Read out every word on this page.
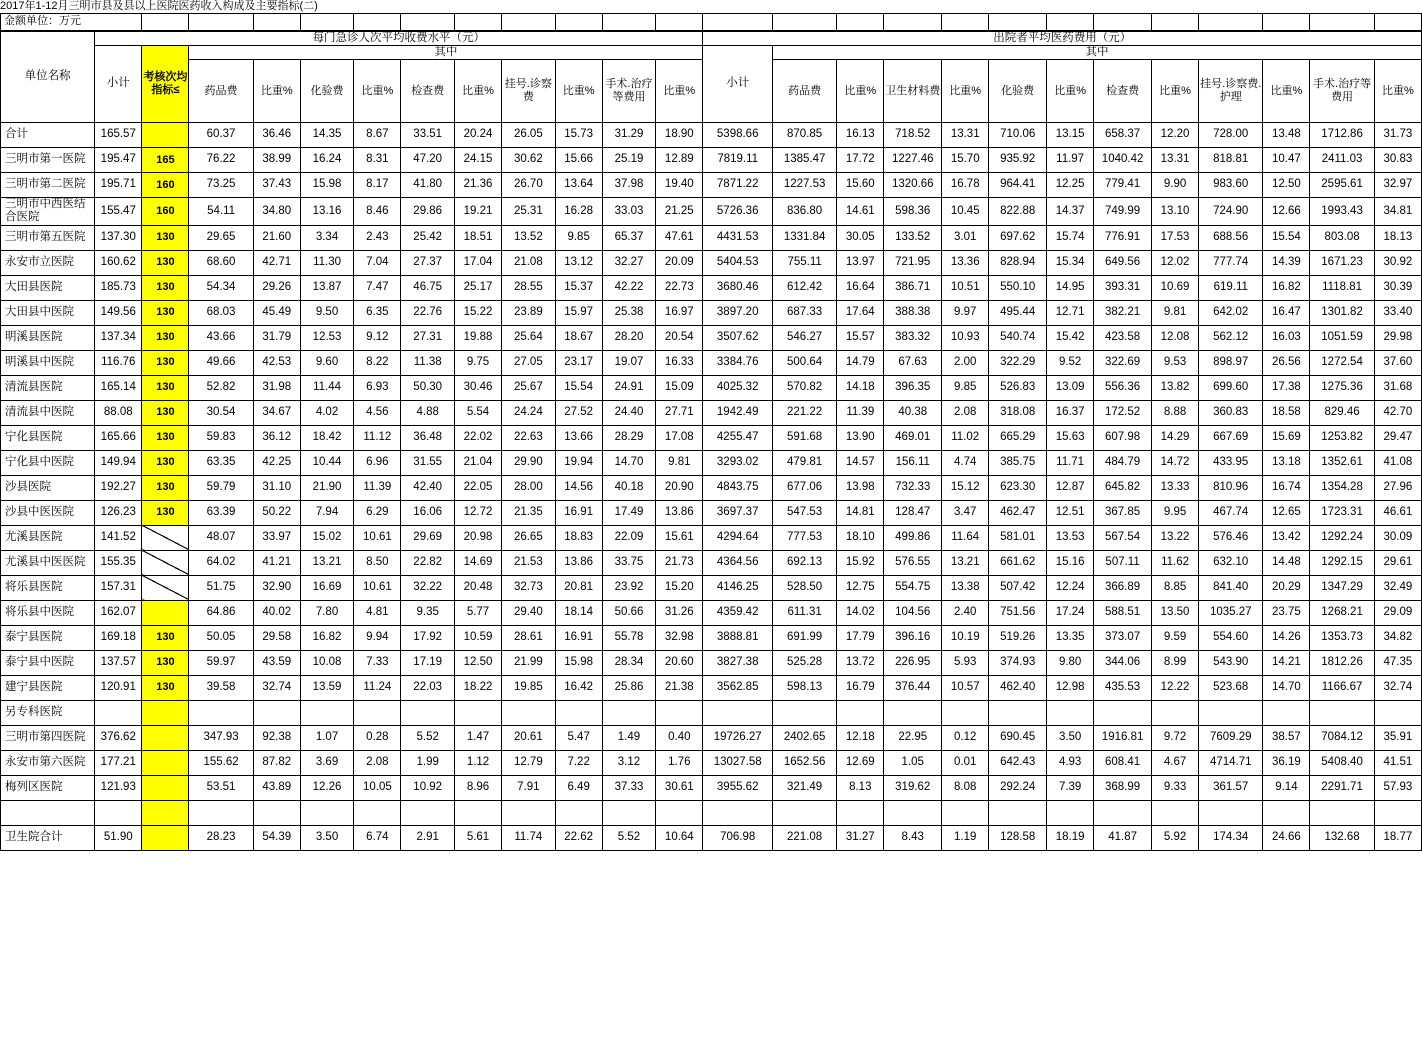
2017年1-12月三明市县及县以上医院医药收入构成及主要指标(二)
金额单位：万元																								
单位名称	每门急诊人次平均收费水平（元）												出院者平均医药费用（元）												
	小计	考核次均指标≤	其中										小计	其中											
			药品费	比重%	化验费	比重%	检查费	比重%	挂号.诊察费	比重%	手术.治疗等费用	比重%		药品费	比重%	卫生材料费	比重%	化验费	比重%	检查费	比重%	挂号.诊察费.护理	比重%	手术.治疗等费用	比重%
合计	165.57		60.37	36.46	14.35	8.67	33.51	20.24	26.05	15.73	31.29	18.90	5398.66	870.85	16.13	718.52	13.31	710.06	13.15	658.37	12.20	728.00	13.48	1712.86	31.73
三明市第一医院	195.47	165	76.22	38.99	16.24	8.31	47.20	24.15	30.62	15.66	25.19	12.89	7819.11	1385.47	17.72	1227.46	15.70	935.92	11.97	1040.42	13.31	818.81	10.47	2411.03	30.83
三明市第二医院	195.71	160	73.25	37.43	15.98	8.17	41.80	21.36	26.70	13.64	37.98	19.40	7871.22	1227.53	15.60	1320.66	16.78	964.41	12.25	779.41	9.90	983.60	12.50	2595.61	32.97
三明市中西医结合医院	155.47	160	54.11	34.80	13.16	8.46	29.86	19.21	25.31	16.28	33.03	21.25	5726.36	836.80	14.61	598.36	10.45	822.88	14.37	749.99	13.10	724.90	12.66	1993.43	34.81
三明市第五医院	137.30	130	29.65	21.60	3.34	2.43	25.42	18.51	13.52	9.85	65.37	47.61	4431.53	1331.84	30.05	133.52	3.01	697.62	15.74	776.91	17.53	688.56	15.54	803.08	18.13
永安市立医院	160.62	130	68.60	42.71	11.30	7.04	27.37	17.04	21.08	13.12	32.27	20.09	5404.53	755.11	13.97	721.95	13.36	828.94	15.34	649.56	12.02	777.74	14.39	1671.23	30.92
大田县医院	185.73	130	54.34	29.26	13.87	7.47	46.75	25.17	28.55	15.37	42.22	22.73	3680.46	612.42	16.64	386.71	10.51	550.10	14.95	393.31	10.69	619.11	16.82	1118.81	30.39
大田县中医院	149.56	130	68.03	45.49	9.50	6.35	22.76	15.22	23.89	15.97	25.38	16.97	3897.20	687.33	17.64	388.38	9.97	495.44	12.71	382.21	9.81	642.02	16.47	1301.82	33.40
明溪县医院	137.34	130	43.66	31.79	12.53	9.12	27.31	19.88	25.64	18.67	28.20	20.54	3507.62	546.27	15.57	383.32	10.93	540.74	15.42	423.58	12.08	562.12	16.03	1051.59	29.98
明溪县中医院	116.76	130	49.66	42.53	9.60	8.22	11.38	9.75	27.05	23.17	19.07	16.33	3384.76	500.64	14.79	67.63	2.00	322.29	9.52	322.69	9.53	898.97	26.56	1272.54	37.60
清流县医院	165.14	130	52.82	31.98	11.44	6.93	50.30	30.46	25.67	15.54	24.91	15.09	4025.32	570.82	14.18	396.35	9.85	526.83	13.09	556.36	13.82	699.60	17.38	1275.36	31.68
清流县中医院	88.08	130	30.54	34.67	4.02	4.56	4.88	5.54	24.24	27.52	24.40	27.71	1942.49	221.22	11.39	40.38	2.08	318.08	16.37	172.52	8.88	360.83	18.58	829.46	42.70
宁化县医院	165.66	130	59.83	36.12	18.42	11.12	36.48	22.02	22.63	13.66	28.29	17.08	4255.47	591.68	13.90	469.01	11.02	665.29	15.63	607.98	14.29	667.69	15.69	1253.82	29.47
宁化县中医院	149.94	130	63.35	42.25	10.44	6.96	31.55	21.04	29.90	19.94	14.70	9.81	3293.02	479.81	14.57	156.11	4.74	385.75	11.71	484.79	14.72	433.95	13.18	1352.61	41.08
沙县医院	192.27	130	59.79	31.10	21.90	11.39	42.40	22.05	28.00	14.56	40.18	20.90	4843.75	677.06	13.98	732.33	15.12	623.30	12.87	645.82	13.33	810.96	16.74	1354.28	27.96
沙县中医医院	126.23	130	63.39	50.22	7.94	6.29	16.06	12.72	21.35	16.91	17.49	13.86	3697.37	547.53	14.81	128.47	3.47	462.47	12.51	367.85	9.95	467.74	12.65	1723.31	46.61
尤溪县医院	141.52		48.07	33.97	15.02	10.61	29.69	20.98	26.65	18.83	22.09	15.61	4294.64	777.53	18.10	499.86	11.64	581.01	13.53	567.54	13.22	576.46	13.42	1292.24	30.09
尤溪县中医医院	155.35		64.02	41.21	13.21	8.50	22.82	14.69	21.53	13.86	33.75	21.73	4364.56	692.13	15.92	576.55	13.21	661.62	15.16	507.11	11.62	632.10	14.48	1292.15	29.61
将乐县医院	157.31		51.75	32.90	16.69	10.61	32.22	20.48	32.73	20.81	23.92	15.20	4146.25	528.50	12.75	554.75	13.38	507.42	12.24	366.89	8.85	841.40	20.29	1347.29	32.49
将乐县中医院	162.07		64.86	40.02	7.80	4.81	9.35	5.77	29.40	18.14	50.66	31.26	4359.42	611.31	14.02	104.56	2.40	751.56	17.24	588.51	13.50	1035.27	23.75	1268.21	29.09
泰宁县医院	169.18	130	50.05	29.58	16.82	9.94	17.92	10.59	28.61	16.91	55.78	32.98	3888.81	691.99	17.79	396.16	10.19	519.26	13.35	373.07	9.59	554.60	14.26	1353.73	34.82
泰宁县中医院	137.57	130	59.97	43.59	10.08	7.33	17.19	12.50	21.99	15.98	28.34	20.60	3827.38	525.28	13.72	226.95	5.93	374.93	9.80	344.06	8.99	543.90	14.21	1812.26	47.35
建宁县医院	120.91	130	39.58	32.74	13.59	11.24	22.03	18.22	19.85	16.42	25.86	21.38	3562.85	598.13	16.79	376.44	10.57	462.40	12.98	435.53	12.22	523.68	14.70	1166.67	32.74
另专科医院																									
三明市第四医院	376.62		347.93	92.38	1.07	0.28	5.52	1.47	20.61	5.47	1.49	0.40	19726.27	2402.65	12.18	22.95	0.12	690.45	3.50	1916.81	9.72	7609.29	38.57	7084.12	35.91
永安市第六医院	177.21		155.62	87.82	3.69	2.08	1.99	1.12	12.79	7.22	3.12	1.76	13027.58	1652.56	12.69	1.05	0.01	642.43	4.93	608.41	4.67	4714.71	36.19	5408.40	41.51
梅列区医院	121.93		53.51	43.89	12.26	10.05	10.92	8.96	7.91	6.49	37.33	30.61	3955.62	321.49	8.13	319.62	8.08	292.24	7.39	368.99	9.33	361.57	9.14	2291.71	57.93

卫生院合计	51.90		28.23	54.39	3.50	6.74	2.91	5.61	11.74	22.62	5.52	10.64	706.98	221.08	31.27	8.43	1.19	128.58	18.19	41.87	5.92	174.34	24.66	132.68	18.77
